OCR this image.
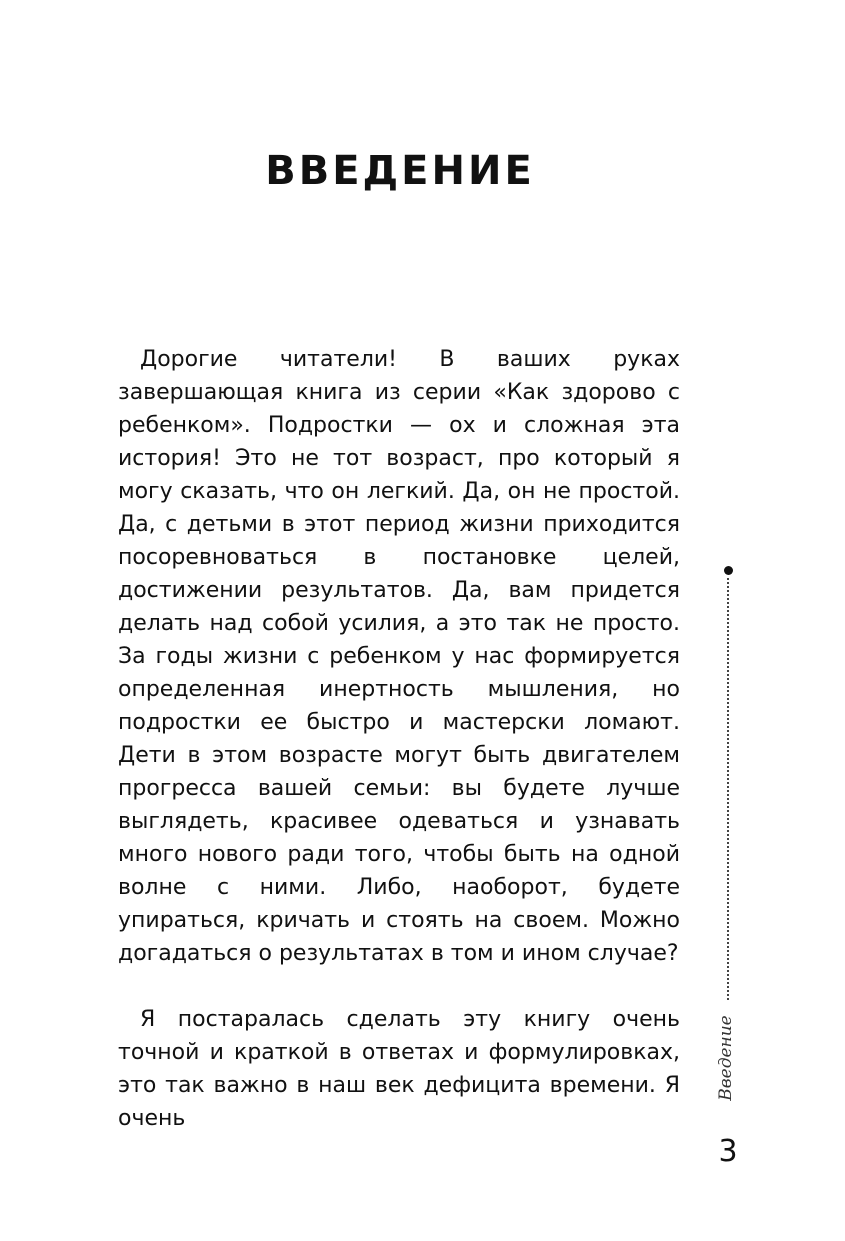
ВВЕДЕНИЕ

Дорогие читатели! В ваших руках завершающая книга из серии «Как здорово с ребенком». Подростки — ох и сложная эта история! Это не тот возраст, про который я могу сказать, что он легкий. Да, он не простой. Да, с детьми в этот период жизни приходится посоревноваться в постановке целей, достижении результатов. Да, вам придется делать над собой усилия, а это так не просто. За годы жизни с ребенком у нас формируется определенная инертность мышления, но подростки ее быстро и мастерски ломают. Дети в этом возрасте могут быть двигателем прогресса вашей семьи: вы будете лучше выглядеть, красивее одеваться и узнавать много нового ради того, чтобы быть на одной волне с ними. Либо, наоборот, будете упираться, кричать и стоять на своем. Можно догадаться о результатах в том и ином случае?

Я постаралась сделать эту книгу очень точной и краткой в ответах и формулировках, это так важно в наш век дефицита времени. Я очень

Введение
3
